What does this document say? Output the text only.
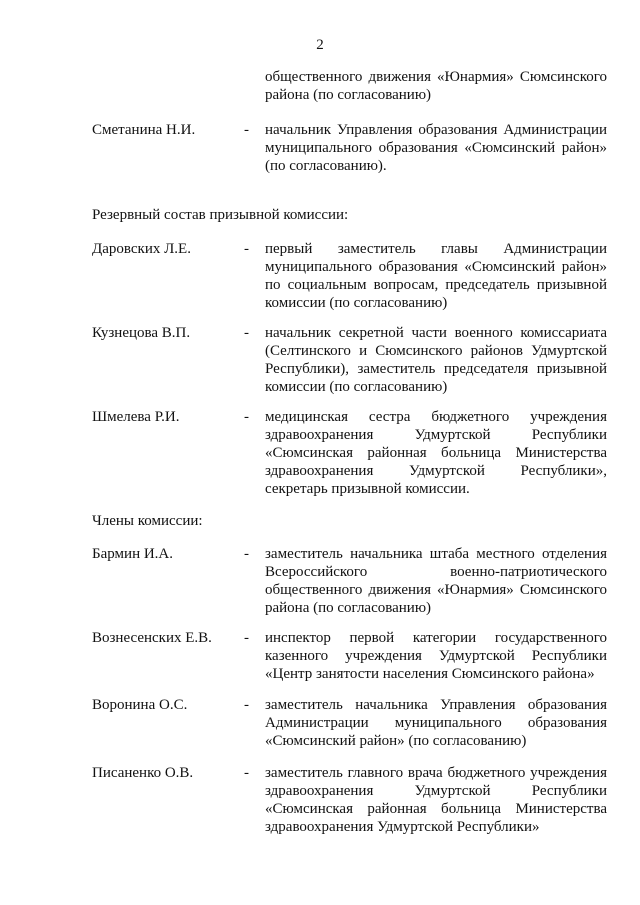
2
общественного движения «Юнармия» Сюмсинского
района (по согласованию)
Сметанина Н.И.	- начальник Управления образования Администрации
муниципального образования «Сюмсинский район»
(по согласованию).
Резервный состав призывной комиссии:
Даровских Л.Е.	- первый заместитель главы Администрации
муниципального образования «Сюмсинский район»
по социальным вопросам, председатель призывной
комиссии (по согласованию)
Кузнецова В.П.	- начальник секретной части военного комиссариата
(Селтинского и Сюмсинского районов Удмуртской
Республики), заместитель председателя призывной
комиссии (по согласованию)
Шмелева Р.И.	- медицинская сестра бюджетного учреждения
здравоохранения Удмуртской Республики
«Сюмсинская районная больница Министерства
здравоохранения Удмуртской Республики»,
секретарь призывной комиссии.
Члены комиссии:
Бармин И.А.	- заместитель начальника штаба местного отделения
Всероссийского военно-патриотического
общественного движения «Юнармия» Сюмсинского
района (по согласованию)
Вознесенских Е.В. - инспектор первой категории государственного
казенного учреждения Удмуртской Республики
«Центр занятости населения Сюмсинского района»
Воронина О.С.	- заместитель начальника Управления образования
Администрации муниципального образования
«Сюмсинский район» (по согласованию)
Писаненко О.В.	- заместитель главного врача бюджетного учреждения
здравоохранения Удмуртской Республики
«Сюмсинская районная больница Министерства
здравоохранения Удмуртской Республики»
